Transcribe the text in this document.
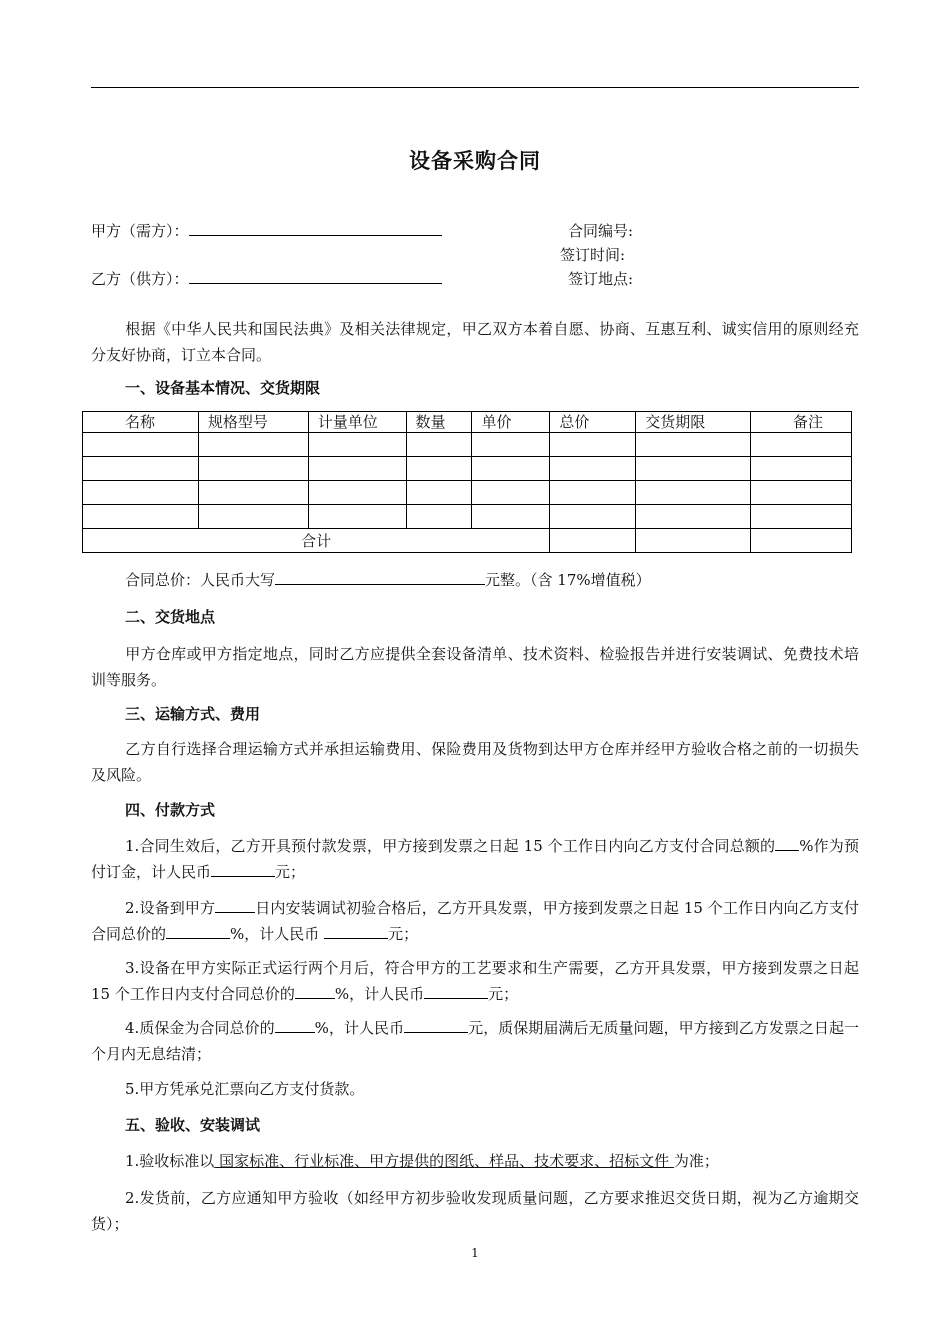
设备采购合同
甲方（需方）：	合同编号:
签订时间:
乙方（供方）：	签订地点:
根据《中华人民共和国民法典》及相关法律规定，甲乙双方本着自愿、协商、互惠互利、诚实信用的原则经充分友好协商，订立本合同。
一、设备基本情况、交货期限
名称	规格型号	计量单位	数量	单价	总价	交货期限	备注

合计							
合同总价：人民币大写	元整。（含 17%增值税）
二、交货地点
甲方仓库或甲方指定地点，同时乙方应提供全套设备清单、技术资料、检验报告并进行安装调试、免费技术培训等服务。
三、运输方式、费用
乙方自行选择合理运输方式并承担运输费用、保险费用及货物到达甲方仓库并经甲方验收合格之前的一切损失及风险。
四、付款方式
1.合同生效后，乙方开具预付款发票，甲方接到发票之日起 15 个工作日内向乙方支付合同总额的 %作为预付订金，计人民币	元；
2.设备到甲方	日内安装调试初验合格后，乙方开具发票，甲方接到发票之日起 15 个工作日内向乙方支付合同总价的	%，计人民币	元；
3.设备在甲方实际正式运行两个月后，符合甲方的工艺要求和生产需要，乙方开具发票，甲方接到发票之日起 15 个工作日内支付合同总价的	%，计人民币	元；
4.质保金为合同总价的	%，计人民币	元，质保期届满后无质量问题，甲方接到乙方发票之日起一个月内无息结清；
5.甲方凭承兑汇票向乙方支付货款。
五、验收、安装调试
1.验收标准以 国家标准、行业标准、甲方提供的图纸、样品、技术要求、招标文件 为准；
2.发货前，乙方应通知甲方验收（如经甲方初步验收发现质量问题，乙方要求推迟交货日期，视为乙方逾期交货）；
1
